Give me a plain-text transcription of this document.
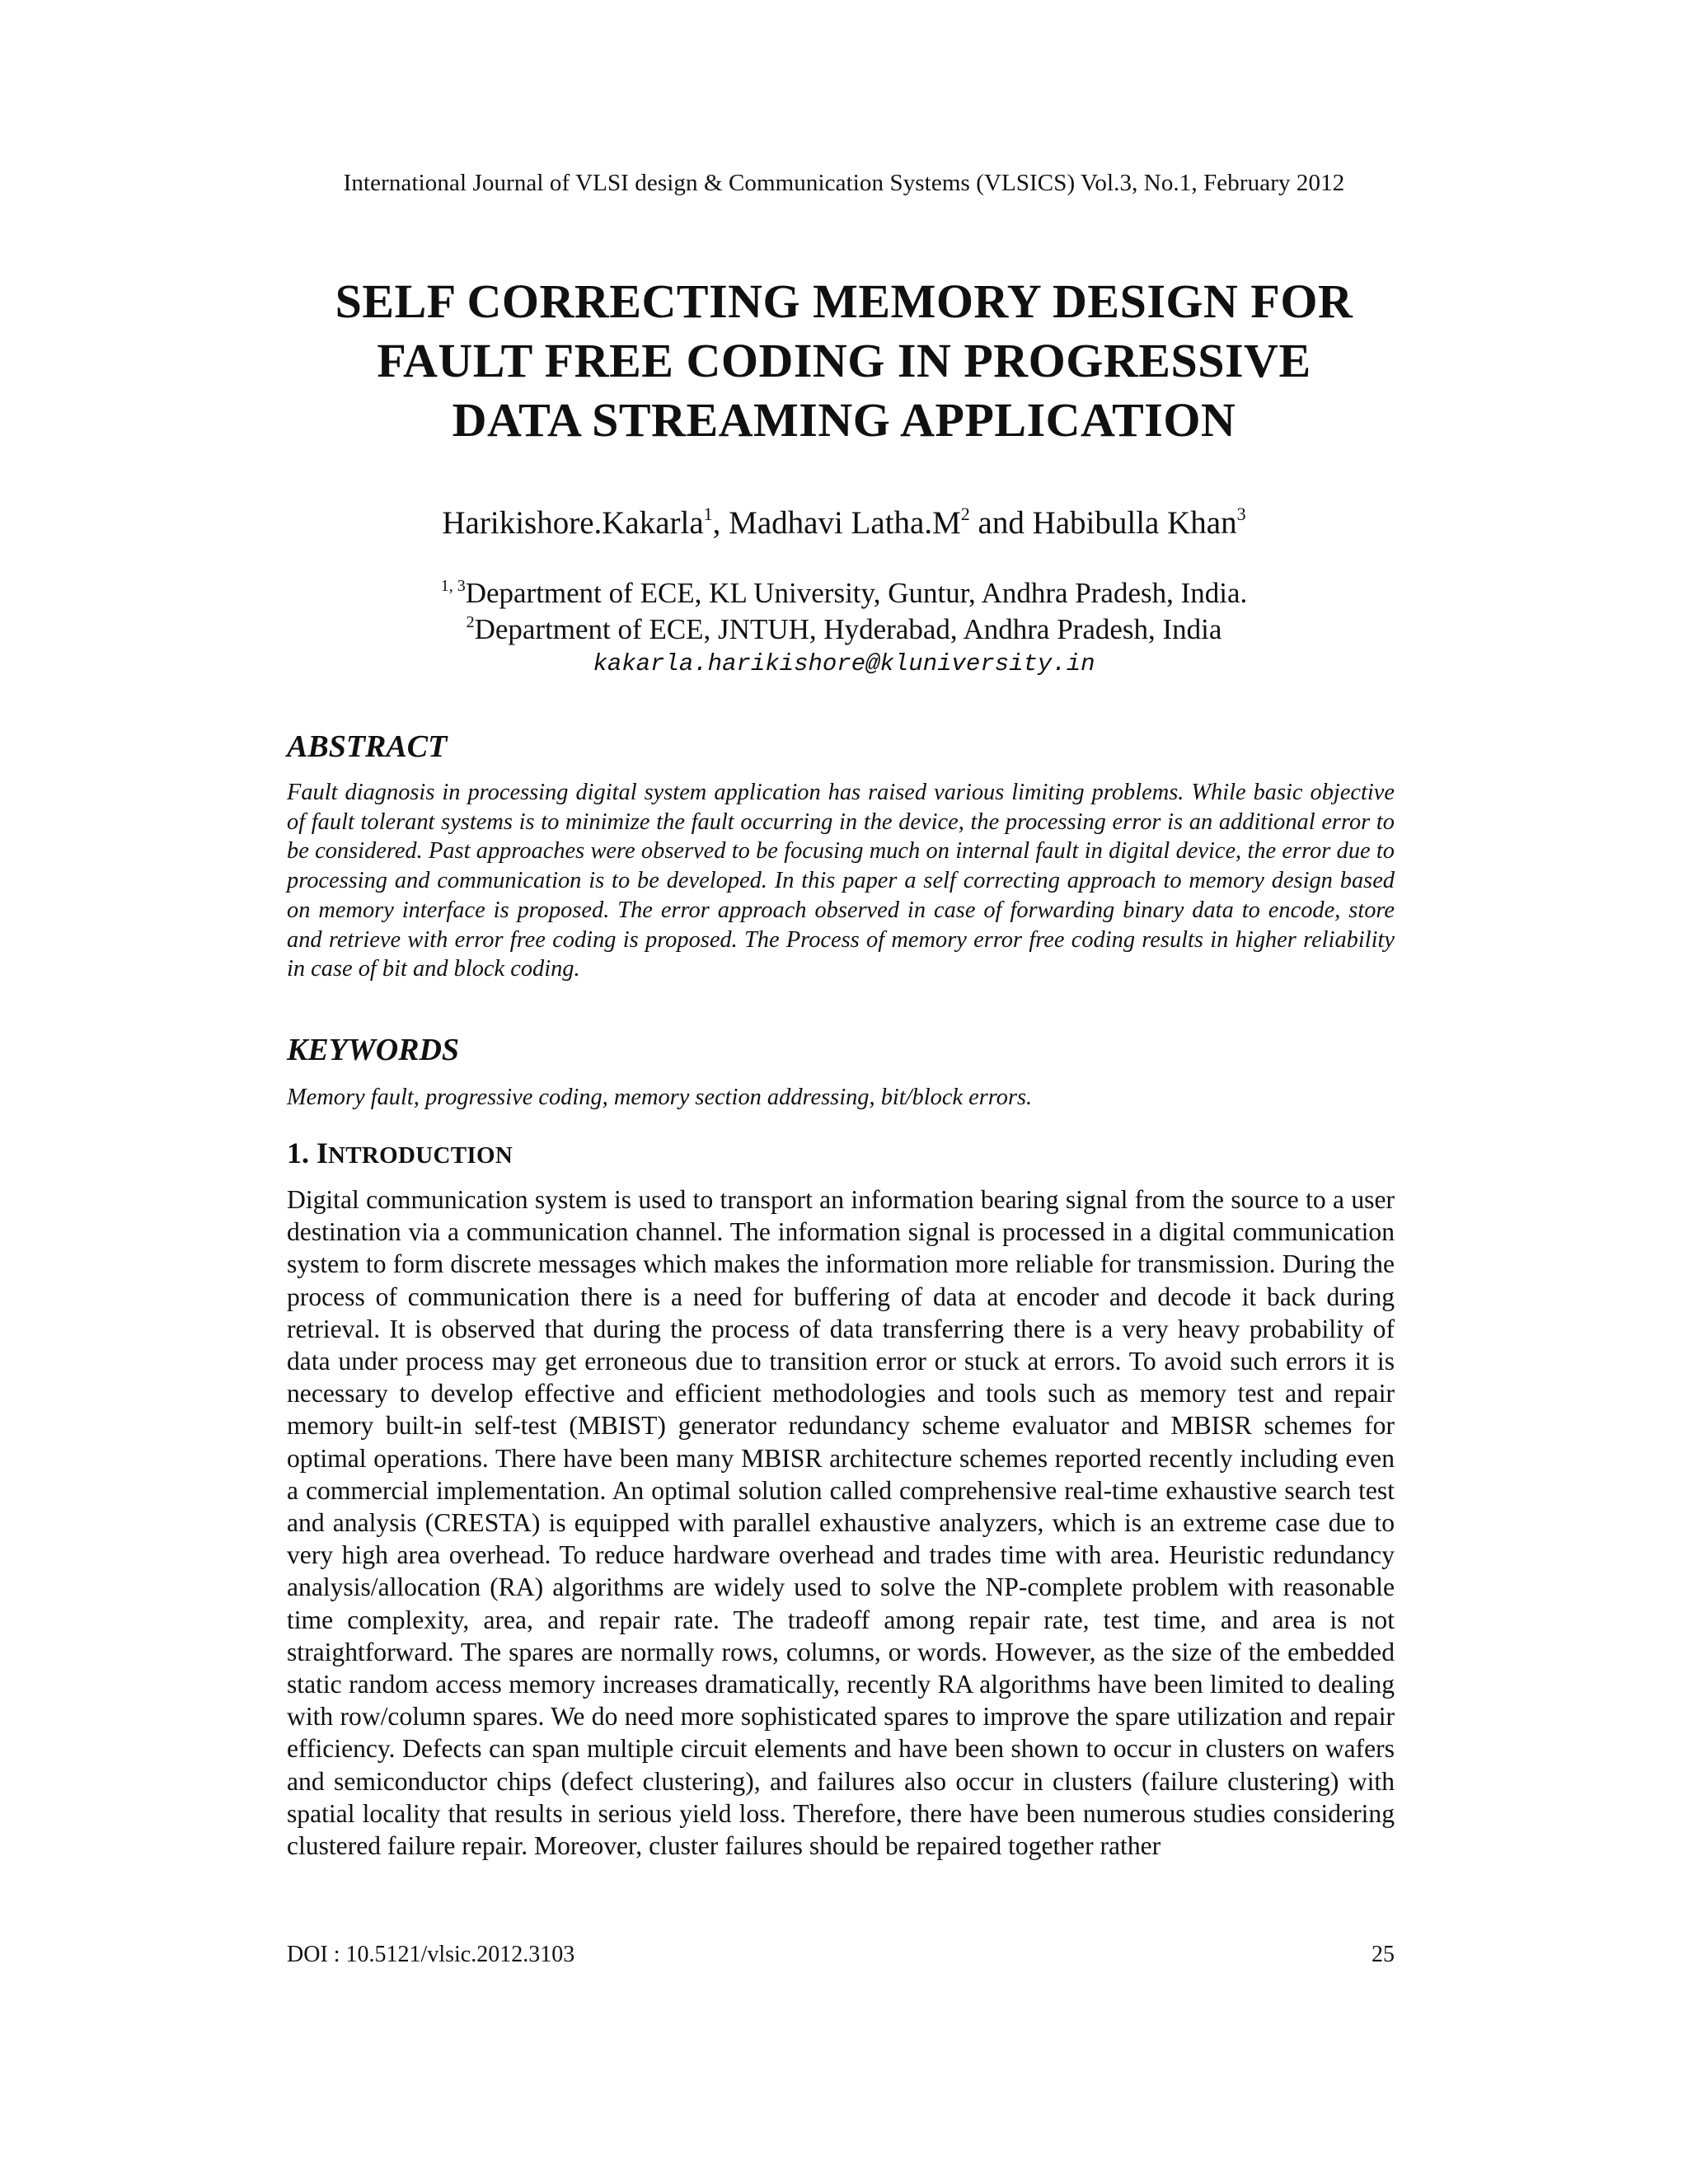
International Journal of VLSI design & Communication Systems (VLSICS) Vol.3, No.1, February 2012
SELF CORRECTING MEMORY DESIGN FOR
FAULT FREE CODING IN PROGRESSIVE
DATA STREAMING APPLICATION
Harikishore.Kakarla$^1$, Madhavi $Latha.M^2$ and Habibulla Khan$^3$
$^{1, 3}$Department of ECE, KL University, Guntur, Andhra Pradesh, India.
$^2$Department of ECE, JNTUH, Hyderabad, Andhra Pradesh, India
kakarla.harikishore@kluniversity.in
ABSTRACT
Fault diagnosis in processing digital system application has raised various limiting problems. While basic objective of fault tolerant systems is to minimize the fault occurring in the device, the processing error is an additional error to be considered. Past approaches were observed to be focusing much on internal fault in digital device, the error due to processing and communication is to be developed. In this paper a self correcting approach to memory design based on memory interface is proposed. The error approach observed in case of forwarding binary data to encode, store and retrieve with error free coding is proposed. The Process of memory error free coding results in higher reliability in case of bit and block coding.
KEYWORDS
Memory fault, progressive coding, memory section addressing, bit/block errors.
1. INTRODUCTION
Digital communication system is used to transport an information bearing signal from the source to a user destination via a communication channel. The information signal is processed in a digital communication system to form discrete messages which makes the information more reliable for transmission. During the process of communication there is a need for buffering of data at encoder and decode it back during retrieval. It is observed that during the process of data transferring there is a very heavy probability of data under process may get erroneous due to transition error or stuck at errors. To avoid such errors it is necessary to develop effective and efficient methodologies and tools such as memory test and repair memory built-in self-test (MBIST) generator redundancy scheme evaluator and MBISR schemes for optimal operations. There have been many MBISR architecture schemes reported recently including even a commercial implementation. An optimal solution called comprehensive real-time exhaustive search test and analysis (CRESTA) is equipped with parallel exhaustive analyzers, which is an extreme case due to very high area overhead. To reduce hardware overhead and trades time with area. Heuristic redundancy analysis/allocation (RA) algorithms are widely used to solve the NP-complete problem with reasonable time complexity, area, and repair rate. The tradeoff among repair rate, test time, and area is not straightforward. The spares are normally rows, columns, or words. However, as the size of the embedded static random access memory increases dramatically, recently RA algorithms have been limited to dealing with row/column spares. We do need more sophisticated spares to improve the spare utilization and repair efficiency. Defects can span multiple circuit elements and have been shown to occur in clusters on wafers and semiconductor chips (defect clustering), and failures also occur in clusters (failure clustering) with spatial locality that results in serious yield loss. Therefore, there have been numerous studies considering clustered failure repair. Moreover, cluster failures should be repaired together rather
DOI : 10.5121/vlsic.2012.3103	25
